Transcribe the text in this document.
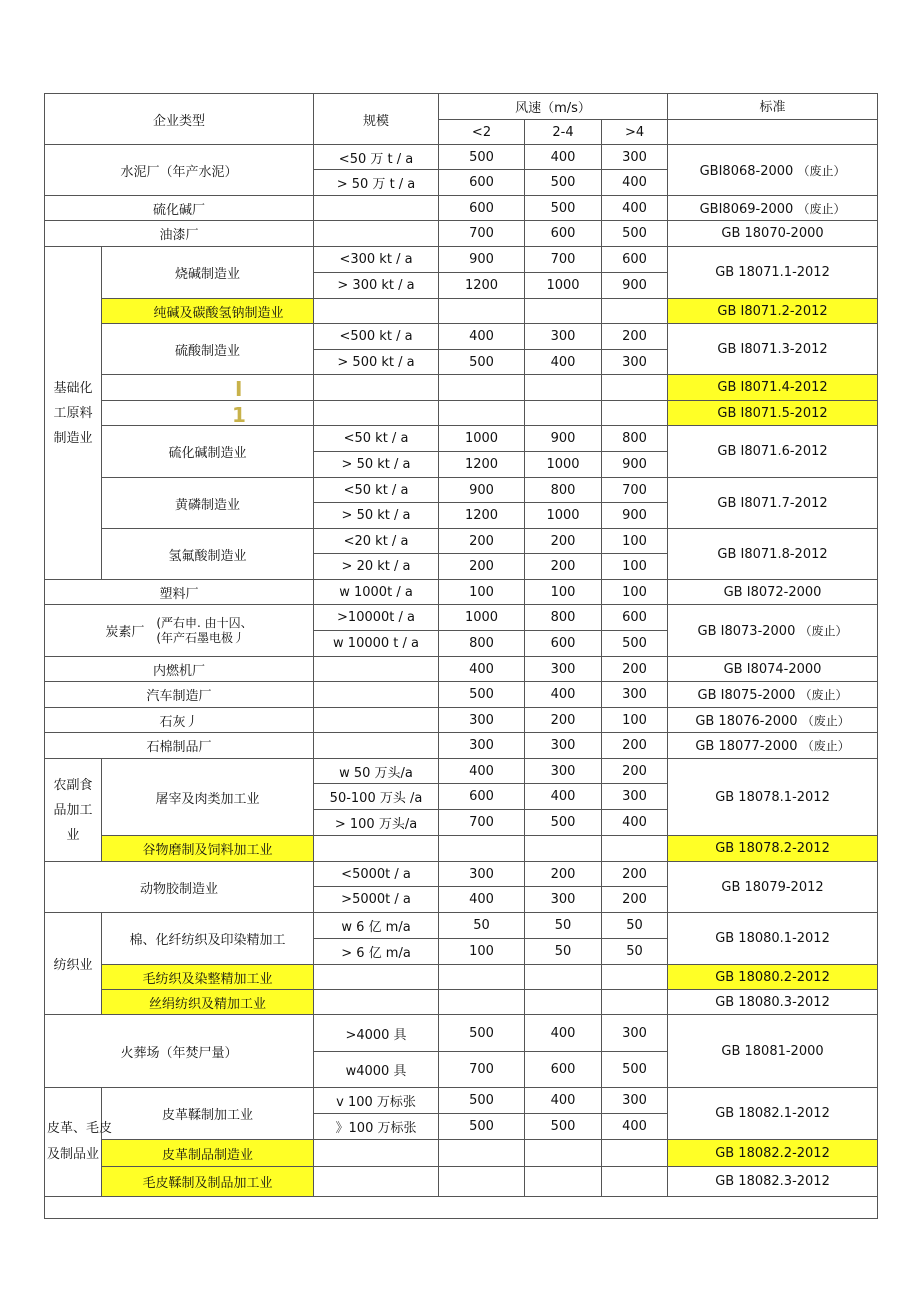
企业类型		规模	风速（m/s）			标准
			<2	2-4	>4	
水泥厂（年产水泥）		<50 万 t / a	500	400	300	GBI8068-2000 （废止）
		> 50 万 t / a	600	500	400	
硫化碱厂			600	500	400	GBI8069-2000 （废止）
油漆厂			700	600	500	GB 18070-2000
基础化
工原料
制造业	烧碱制造业	<300 kt / a	900	700	600	GB 18071.1-2012
		> 300 kt / a	1200	1000	900	
	纯碱及碳酸氢钠制造业					GB I8071.2-2012
	硫酸制造业	<500 kt / a	400	300	200	GB I8071.3-2012
		> 500 kt / a	500	400	300	

	I					GB I8071.4-2012

	1					GB I8071.5-2012
	硫化碱制造业	<50 kt / a	1000	900	800	GB I8071.6-2012
		> 50 kt / a	1200	1000	900	
	黄磷制造业	<50 kt / a	900	800	700	GB I8071.7-2012
		> 50 kt / a	1200	1000	900	
	氢氟酸制造业	<20 kt / a	200	200	100	GB I8071.8-2012
		> 20 kt / a	200	200	100	
塑料厂		w 1000t / a	100	100	100	GB I8072-2000

炭素厂
(严右申. 由十囚、
(年产石墨电极丿		>10000t / a	1000	800	600	GB I8073-2000 （废止）
		w 10000 t / a	800	600	500	
内燃机厂			400	300	200	GB I8074-2000
汽车制造厂			500	400	300	GB I8075-2000 （废止）
石灰丿			300	200	100	GB 18076-2000 （废止）
石棉制品厂			300	300	200	GB 18077-2000 （废止）
农副食
品加工
业	屠宰及肉类加工业	w 50 万头/a	400	300	200	GB 18078.1-2012
		50-100 万头 /a	600	400	300	
		> 100 万头/a	700	500	400	
	谷物磨制及饲料加工业					GB 18078.2-2012
动物胶制造业		<5000t / a	300	200	200	GB 18079-2012
		>5000t / a	400	300	200	
纺织业	棉、化纤纺织及印染精加工	w 6 亿 m/a	50	50	50	GB 18080.1-2012
		> 6 亿 m/a	100	50	50	
	毛纺织及染整精加工业					GB 18080.2-2012
	丝绢纺织及精加工业					GB 18080.3-2012
火葬场（年焚尸量）		>4000 具	500	400	300	GB 18081-2000
		w4000 具	700	600	500	
皮革、毛皮
及制品业	皮革鞣制加工业	v 100 万标张	500	400	300	GB 18082.1-2012
		》100 万标张	500	500	400	
	皮革制品制造业					GB 18082.2-2012
	毛皮鞣制及制品加工业					GB 18082.3-2012
